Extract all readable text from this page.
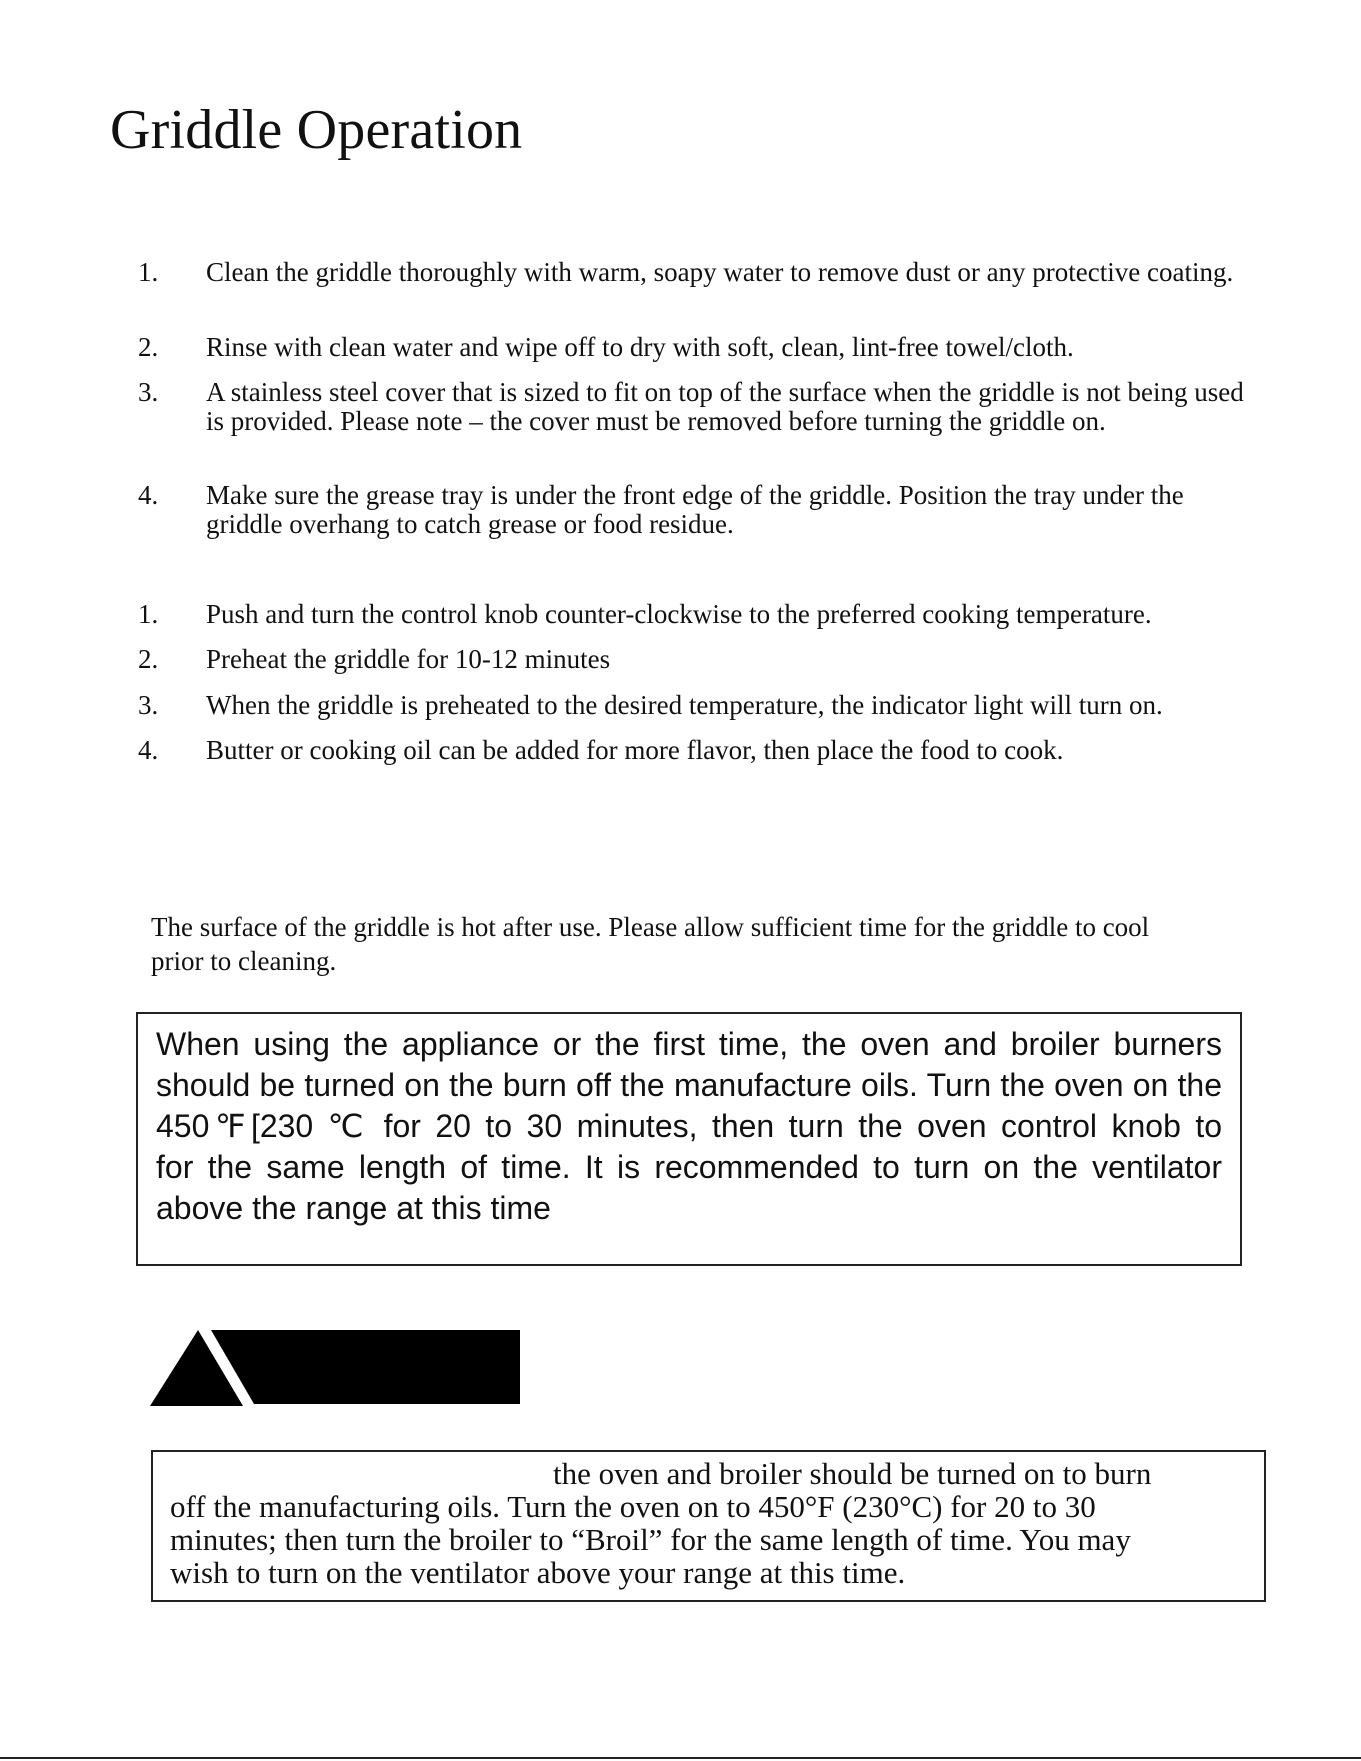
Griddle Operation
1. Clean the griddle thoroughly with warm, soapy water to remove dust or any protective coating.
2. Rinse with clean water and wipe off to dry with soft, clean, lint-free towel/cloth.
3. A stainless steel cover that is sized to fit on top of the surface when the griddle is not being used is provided. Please note – the cover must be removed before turning the griddle on.
4. Make sure the grease tray is under the front edge of the griddle. Position the tray under the griddle overhang to catch grease or food residue.
1. Push and turn the control knob counter-clockwise to the preferred cooking temperature.
2. Preheat the griddle for 10-12 minutes
3. When the griddle is preheated to the desired temperature, the indicator light will turn on.
4. Butter or cooking oil can be added for more flavor, then place the food to cook.

The surface of the griddle is hot after use. Please allow sufficient time for the griddle to cool prior to cleaning.

When using the appliance or the first time, the oven and broiler burners should be turned on the burn off the manufacture oils. Turn the oven on the 450℉[230 ℃ for 20 to 30 minutes, then turn the oven control knob to            for the same length of time. It is recommended to turn on the ventilator above the range at this time
the oven and broiler should be turned on to burn
off the manufacturing oils. Turn the oven on to 450°F (230°C) for 20 to 30
minutes; then turn the broiler to “Broil” for the same length of time. You may
wish to turn on the ventilator above your range at this time.
